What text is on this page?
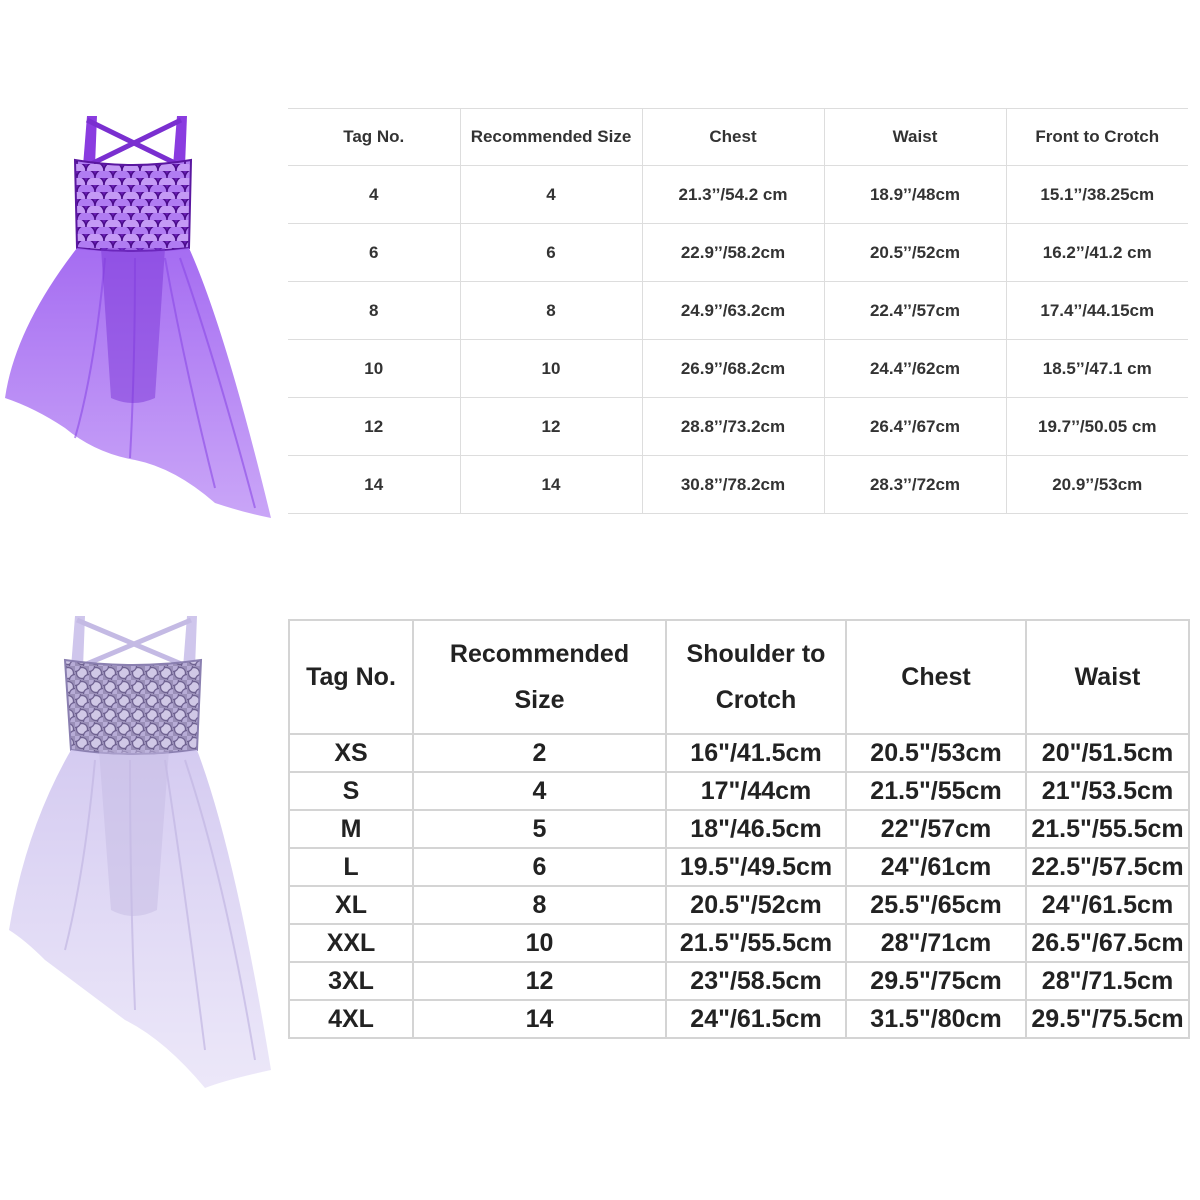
Tag No.	Recommended Size	Chest	Waist	Front to Crotch
4	4	21.3’’/54.2 cm	18.9’’/48cm	15.1’’/38.25cm
6	6	22.9’’/58.2cm	20.5’’/52cm	16.2’’/41.2 cm
8	8	24.9’’/63.2cm	22.4’’/57cm	17.4’’/44.15cm
10	10	26.9’’/68.2cm	24.4’’/62cm	18.5’’/47.1 cm
12	12	28.8’’/73.2cm	26.4’’/67cm	19.7’’/50.05 cm
14	14	30.8’’/78.2cm	28.3’’/72cm	20.9’’/53cm
Tag No.	Recommended Size	Shoulder to Crotch	Chest	Waist
XS	2	16"/41.5cm	20.5"/53cm	20"/51.5cm
S	4	17"/44cm	21.5"/55cm	21"/53.5cm
M	5	18"/46.5cm	22"/57cm	21.5"/55.5cm
L	6	19.5"/49.5cm	24"/61cm	22.5"/57.5cm
XL	8	20.5"/52cm	25.5"/65cm	24"/61.5cm
XXL	10	21.5"/55.5cm	28"/71cm	26.5"/67.5cm
3XL	12	23"/58.5cm	29.5"/75cm	28"/71.5cm
4XL	14	24"/61.5cm	31.5"/80cm	29.5"/75.5cm
